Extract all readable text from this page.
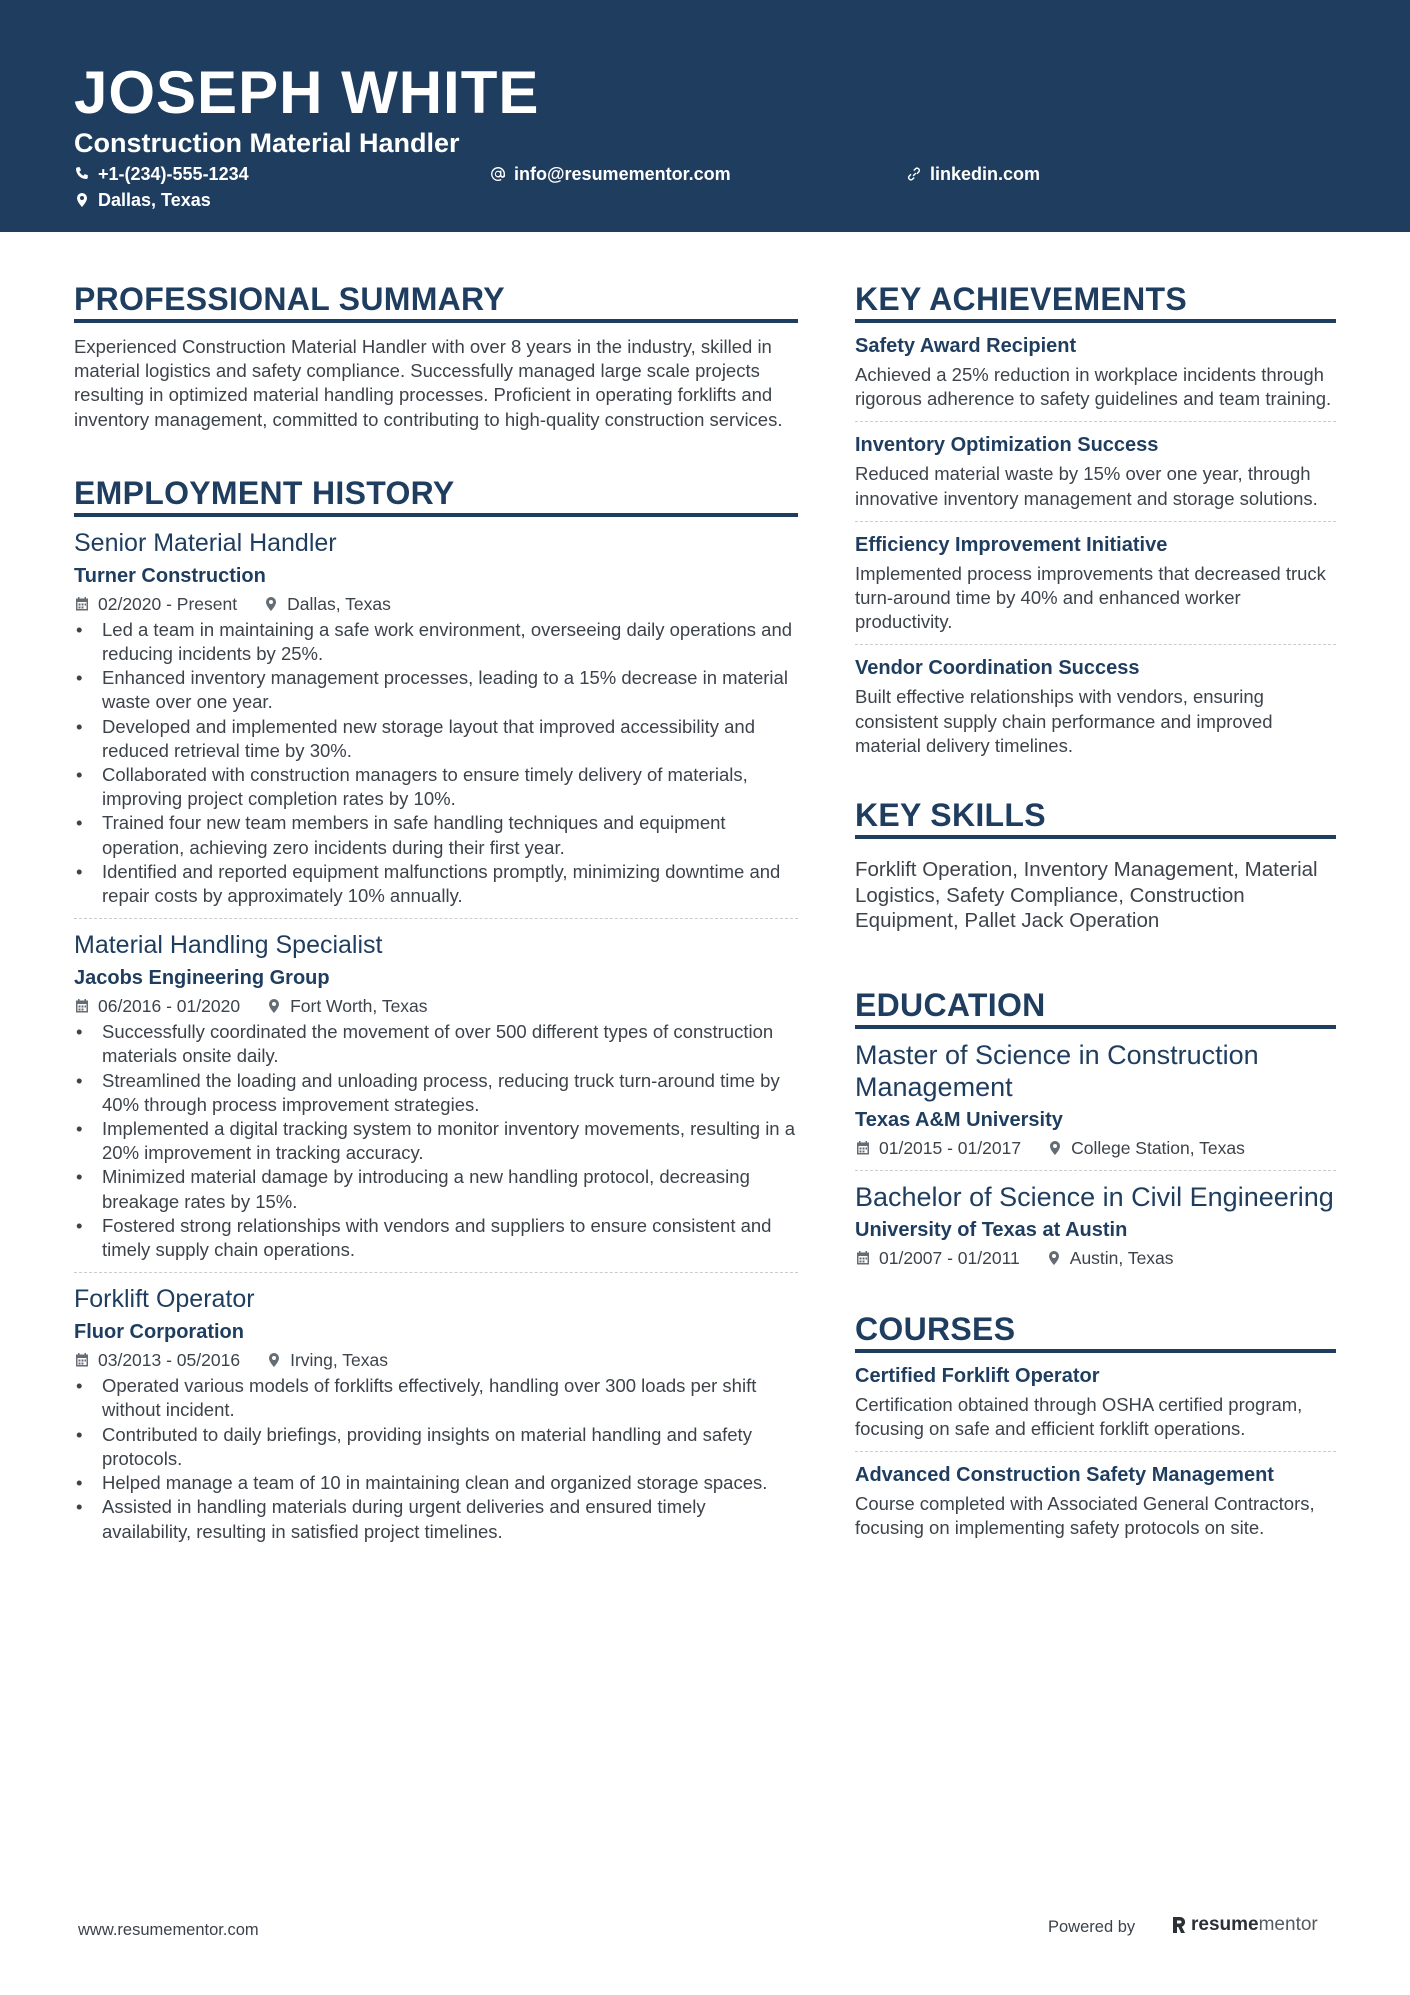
JOSEPH WHITE
Construction Material Handler
+1-(234)-555-1234	info@resumementor.com	linkedin.com
Dallas, Texas
PROFESSIONAL SUMMARY
Experienced Construction Material Handler with over 8 years in the industry, skilled in material logistics and safety compliance. Successfully managed large scale projects resulting in optimized material handling processes. Proficient in operating forklifts and inventory management, committed to contributing to high-quality construction services.
EMPLOYMENT HISTORY
Senior Material Handler
Turner Construction
02/2020 - Present	Dallas, Texas
• Led a team in maintaining a safe work environment, overseeing daily operations and reducing incidents by 25%.
• Enhanced inventory management processes, leading to a 15% decrease in material waste over one year.
• Developed and implemented new storage layout that improved accessibility and reduced retrieval time by 30%.
• Collaborated with construction managers to ensure timely delivery of materials, improving project completion rates by 10%.
• Trained four new team members in safe handling techniques and equipment operation, achieving zero incidents during their first year.
• Identified and reported equipment malfunctions promptly, minimizing downtime and repair costs by approximately 10% annually.
Material Handling Specialist
Jacobs Engineering Group
06/2016 - 01/2020	Fort Worth, Texas
• Successfully coordinated the movement of over 500 different types of construction materials onsite daily.
• Streamlined the loading and unloading process, reducing truck turn-around time by 40% through process improvement strategies.
• Implemented a digital tracking system to monitor inventory movements, resulting in a 20% improvement in tracking accuracy.
• Minimized material damage by introducing a new handling protocol, decreasing breakage rates by 15%.
• Fostered strong relationships with vendors and suppliers to ensure consistent and timely supply chain operations.
Forklift Operator
Fluor Corporation
03/2013 - 05/2016	Irving, Texas
• Operated various models of forklifts effectively, handling over 300 loads per shift without incident.
• Contributed to daily briefings, providing insights on material handling and safety protocols.
• Helped manage a team of 10 in maintaining clean and organized storage spaces.
• Assisted in handling materials during urgent deliveries and ensured timely availability, resulting in satisfied project timelines.
KEY ACHIEVEMENTS
Safety Award Recipient
Achieved a 25% reduction in workplace incidents through rigorous adherence to safety guidelines and team training.
Inventory Optimization Success
Reduced material waste by 15% over one year, through innovative inventory management and storage solutions.
Efficiency Improvement Initiative
Implemented process improvements that decreased truck turn-around time by 40% and enhanced worker productivity.
Vendor Coordination Success
Built effective relationships with vendors, ensuring consistent supply chain performance and improved material delivery timelines.
KEY SKILLS
Forklift Operation, Inventory Management, Material Logistics, Safety Compliance, Construction Equipment, Pallet Jack Operation
EDUCATION
Master of Science in Construction Management
Texas A&M University
01/2015 - 01/2017	College Station, Texas
Bachelor of Science in Civil Engineering
University of Texas at Austin
01/2007 - 01/2011	Austin, Texas
COURSES
Certified Forklift Operator
Certification obtained through OSHA certified program, focusing on safe and efficient forklift operations.
Advanced Construction Safety Management
Course completed with Associated General Contractors, focusing on implementing safety protocols on site.
www.resumementor.com	Powered by	resume mentor
